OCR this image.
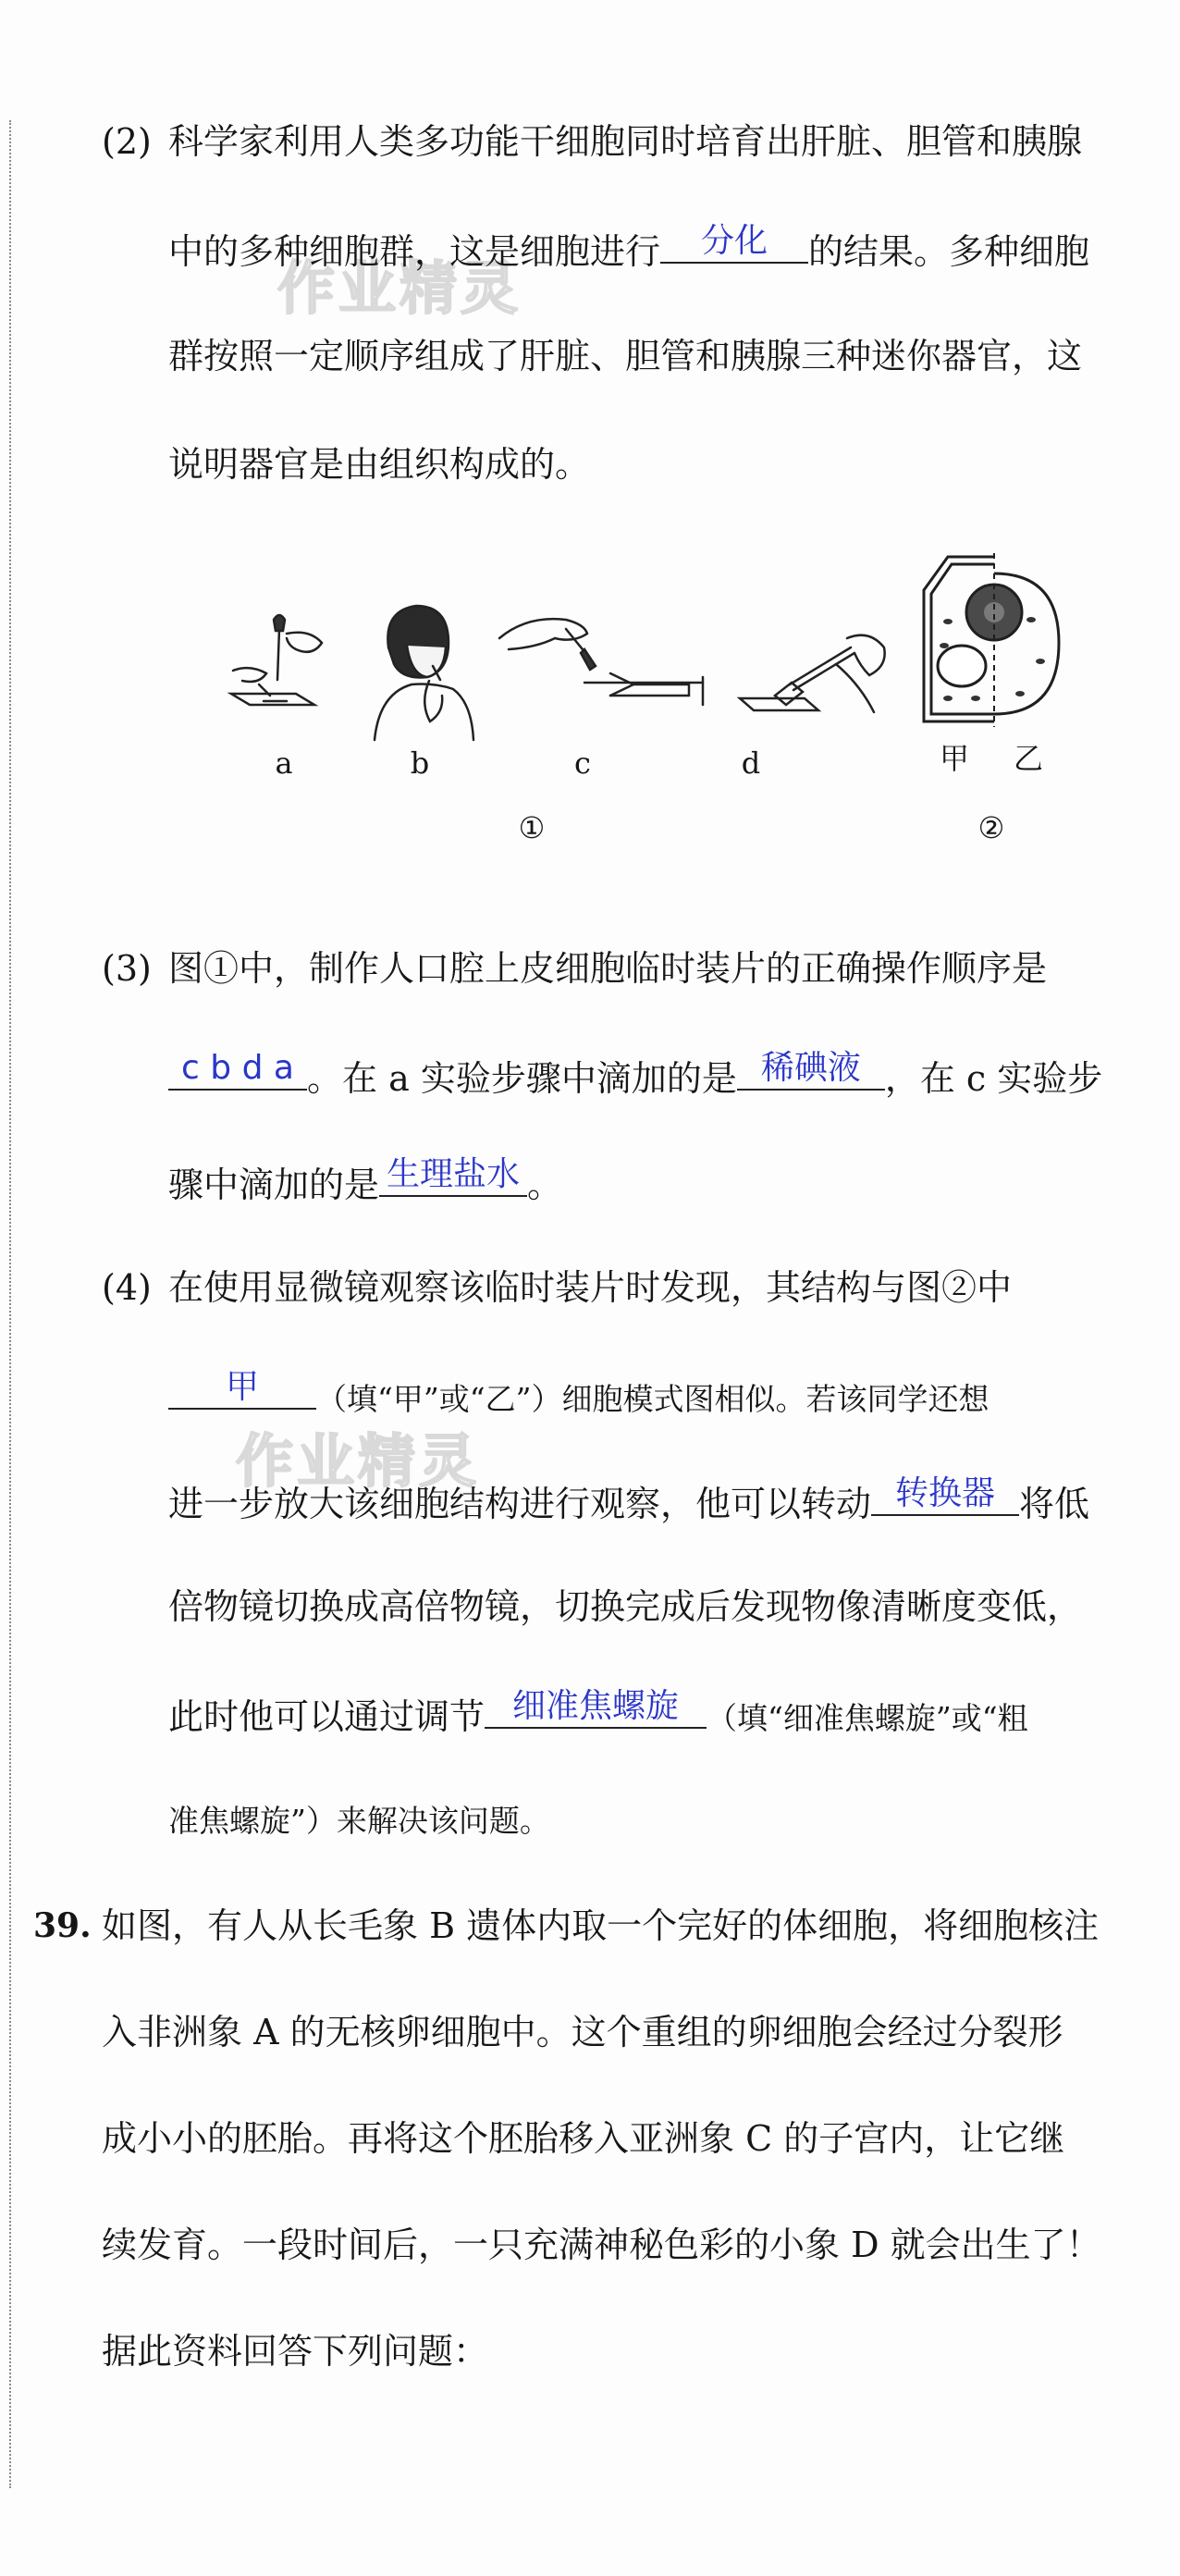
作业精灵
作业精灵
(2) 科学家利用人类多功能干细胞同时培育出肝脏、胆管和胰腺
中的多种细胞群，这是细胞进行	分化	的结果。多种细胞
群按照一定顺序组成了肝脏、胆管和胰腺三种迷你器官，这
说明器官是由组织构成的。
a	b	c	d
①
甲 乙
②
(3) 图①中，制作人口腔上皮细胞临时装片的正确操作顺序是
c b d a 。在 a 实验步骤中滴加的是 稀碘液 ，在 c 实验步
骤中滴加的是 生理盐水 。
(4) 在使用显微镜观察该临时装片时发现，其结构与图②中
甲	（填“甲”或“乙”）细胞模式图相似。若该同学还想
进一步放大该细胞结构进行观察，他可以转动 转换器 将低
倍物镜切换成高倍物镜，切换完成后发现物像清晰度变低，
此时他可以通过调节 细准焦螺旋 （填“细准焦螺旋”或“粗
准焦螺旋”）来解决该问题。
39. 如图，有人从长毛象 B 遗体内取一个完好的体细胞，将细胞核注
入非洲象 A 的无核卵细胞中。这个重组的卵细胞会经过分裂形
成小小的胚胎。再将这个胚胎移入亚洲象 C 的子宫内，让它继
续发育。一段时间后，一只充满神秘色彩的小象 D 就会出生了！
据此资料回答下列问题：
